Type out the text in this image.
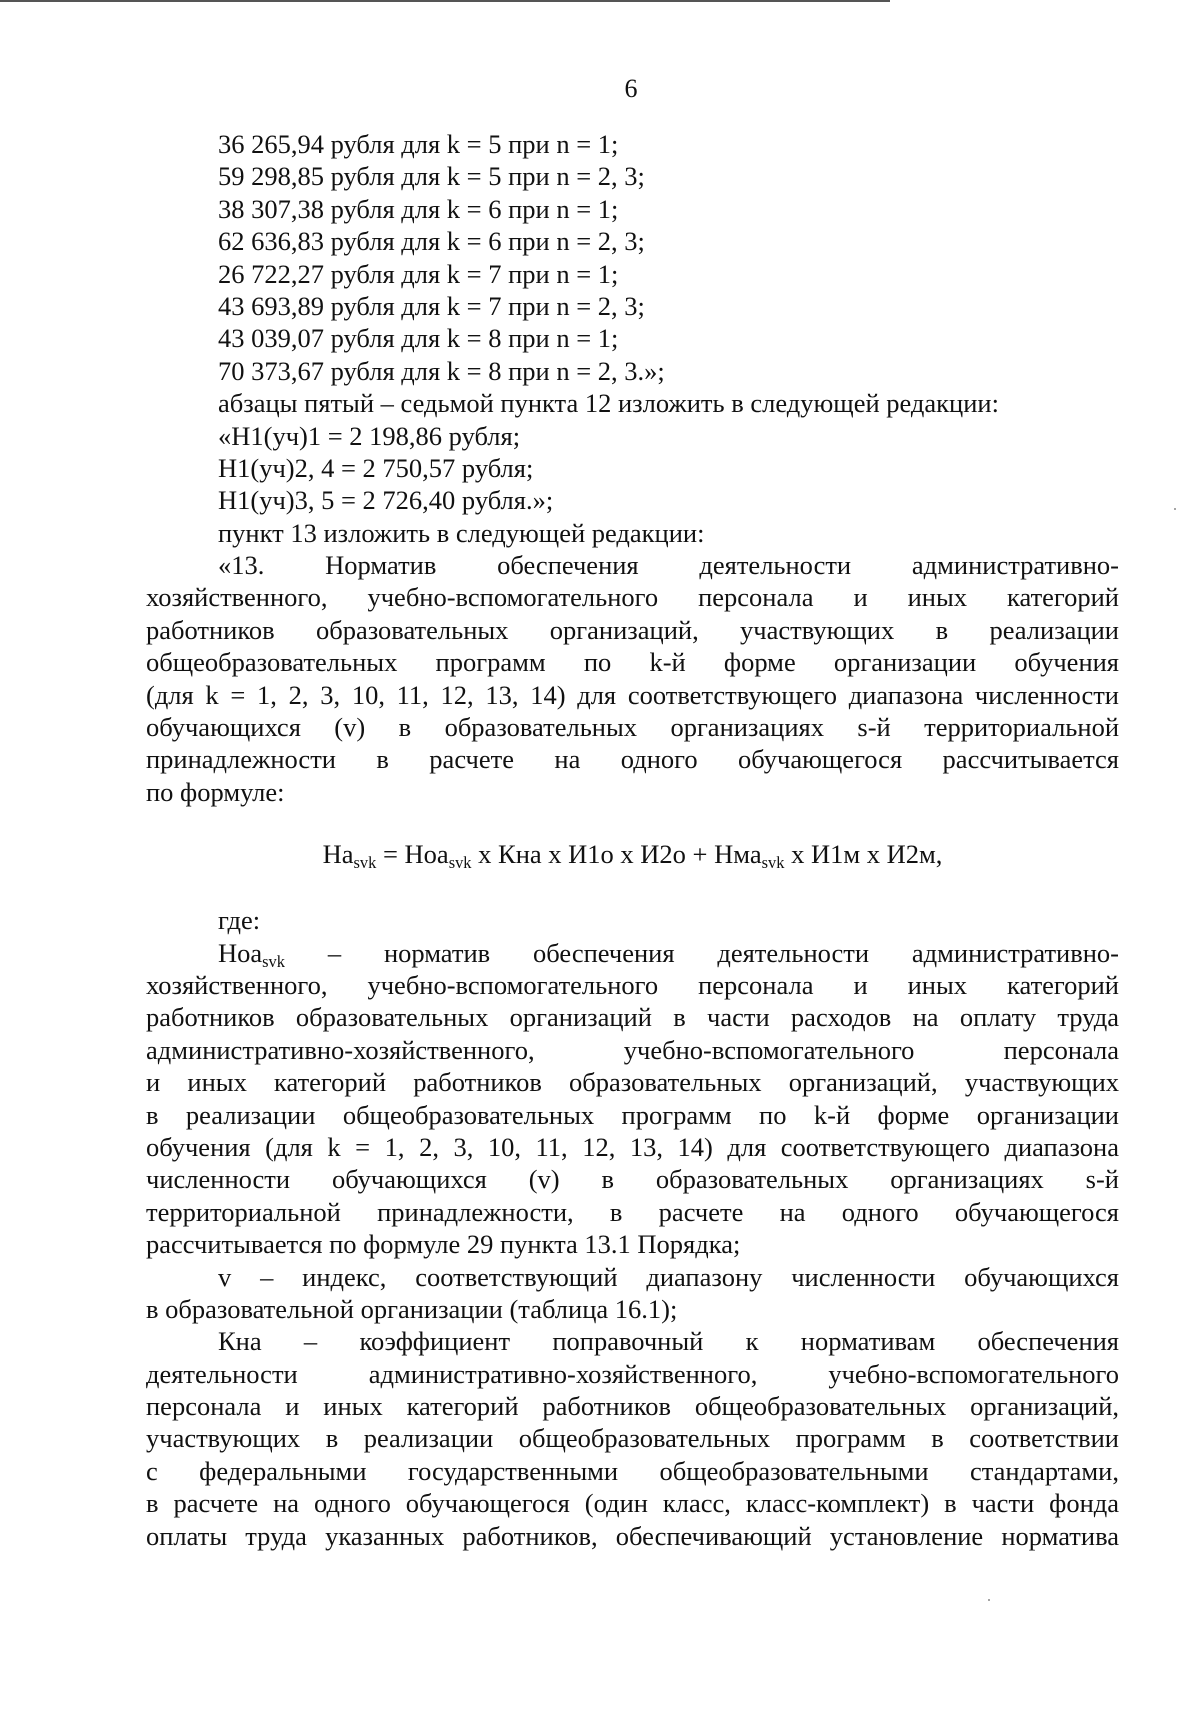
6
36 265,94 рубля для k = 5 при n = 1;
59 298,85 рубля для k = 5 при n = 2, 3;
38 307,38 рубля для k = 6 при n = 1;
62 636,83 рубля для k = 6 при n = 2, 3;
26 722,27 рубля для k = 7 при n = 1;
43 693,89 рубля для k = 7 при n = 2, 3;
43 039,07 рубля для k = 8 при n = 1;
70 373,67 рубля для k = 8 при n = 2, 3.»;
абзацы пятый – седьмой пункта 12 изложить в следующей редакции:
«Н1(уч)1 = 2 198,86 рубля;
Н1(уч)2, 4 = 2 750,57 рубля;
Н1(уч)3, 5 = 2 726,40 рубля.»;
пункт 13 изложить в следующей редакции:
«13. Норматив обеспечения деятельности административно-
хозяйственного, учебно-вспомогательного персонала и иных категорий
работников образовательных организаций, участвующих в реализации
общеобразовательных программ по k-й форме организации обучения
(для k = 1, 2, 3, 10, 11, 12, 13, 14) для соответствующего диапазона численности
обучающихся (v) в образовательных организациях s-й территориальной
принадлежности в расчете на одного обучающегося рассчитывается
по формуле:
$На_{svk} = Ноа_{svk}$ x Кна x И1о x И2о + Нма$_{svk}$ x И1м x И2м,
где:
Ноа$_{svk}$ – норматив обеспечения деятельности административно-
хозяйственного, учебно-вспомогательного персонала и иных категорий
работников образовательных организаций в части расходов на оплату труда
административно-хозяйственного, учебно-вспомогательного персонала
и иных категорий работников образовательных организаций, участвующих
в реализации общеобразовательных программ по k-й форме организации
обучения (для k = 1, 2, 3, 10, 11, 12, 13, 14) для соответствующего диапазона
численности обучающихся (v) в образовательных организациях s-й
территориальной принадлежности, в расчете на одного обучающегося
рассчитывается по формуле 29 пункта 13.1 Порядка;
v – индекс, соответствующий диапазону численности обучающихся
в образовательной организации (таблица 16.1);
Кна – коэффициент поправочный к нормативам обеспечения
деятельности административно-хозяйственного, учебно-вспомогательного
персонала и иных категорий работников общеобразовательных организаций,
участвующих в реализации общеобразовательных программ в соответствии
с федеральными государственными общеобразовательными стандартами,
в расчете на одного обучающегося (один класс, класс-комплект) в части фонда
оплаты труда указанных работников, обеспечивающий установление норматива
